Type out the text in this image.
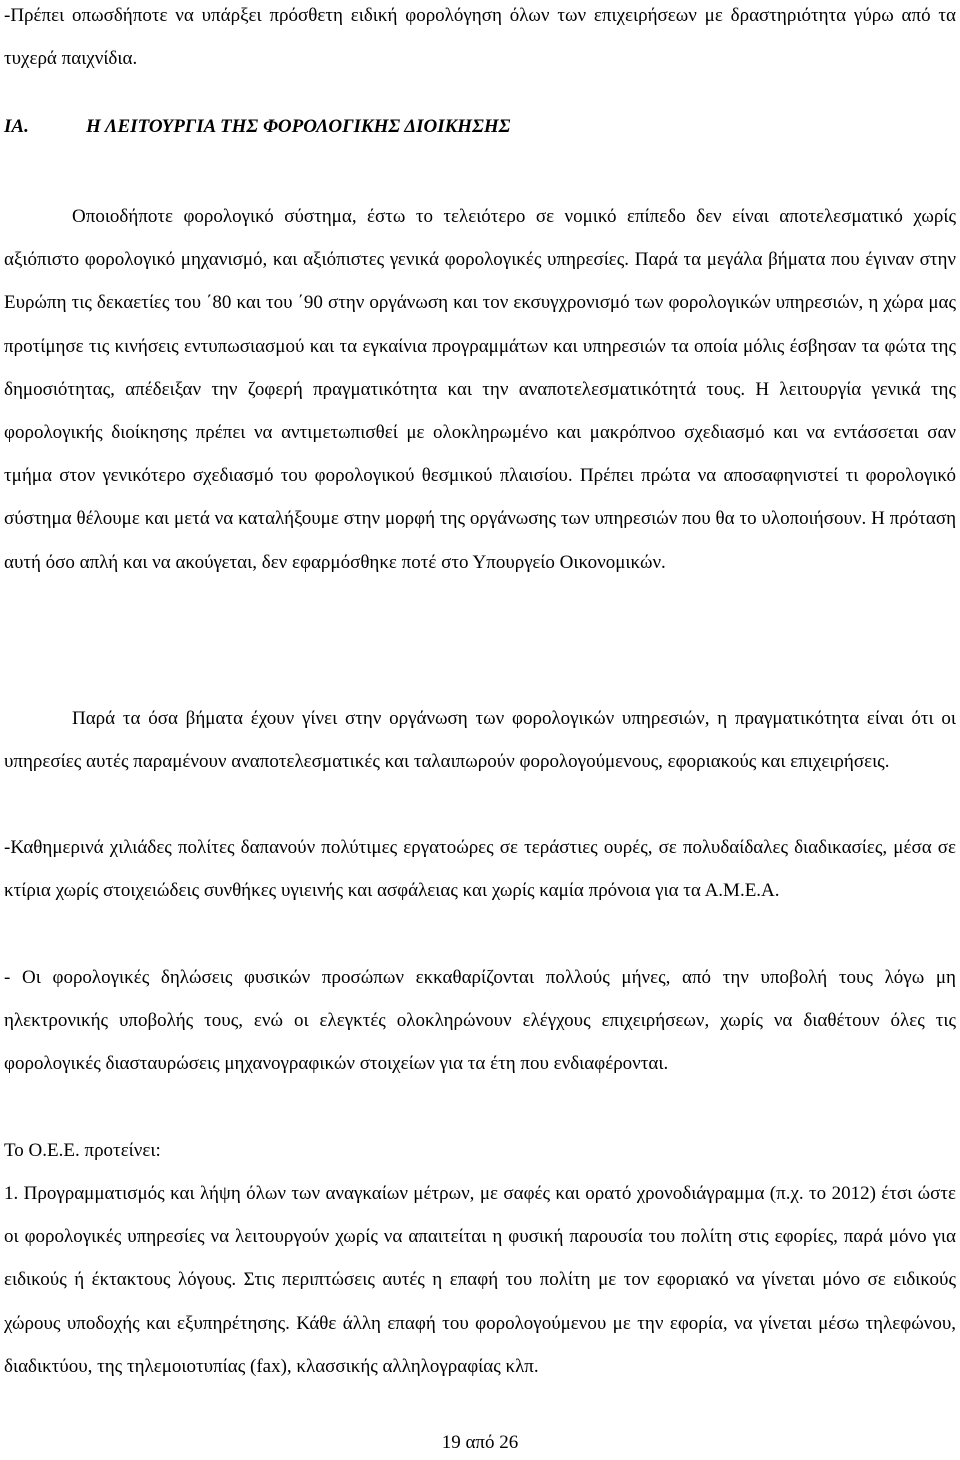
-Πρέπει οπωσδήποτε να υπάρξει πρόσθετη ειδική φορολόγηση όλων των επιχειρήσεων με δραστηριότητα γύρω από τα τυχερά παιχνίδια.

ΙΑ.	Η ΛΕΙΤΟΥΡΓΙΑ ΤΗΣ ΦΟΡΟΛΟΓΙΚΗΣ ΔΙΟΙΚΗΣΗΣ

Οποιοδήποτε φορολογικό σύστημα, έστω το τελειότερο σε νομικό επίπεδο δεν είναι αποτελεσματικό χωρίς αξιόπιστο φορολογικό μηχανισμό, και αξιόπιστες γενικά φορολογικές υπηρεσίες. Παρά τα μεγάλα βήματα που έγιναν στην Ευρώπη τις δεκαετίες του ΄80 και του ΄90 στην οργάνωση και τον εκσυγχρονισμό των φορολογικών υπηρεσιών, η χώρα μας προτίμησε τις κινήσεις εντυπωσιασμού και τα εγκαίνια προγραμμάτων και υπηρεσιών τα οποία μόλις έσβησαν τα φώτα της δημοσιότητας, απέδειξαν την ζοφερή πραγματικότητα και την αναποτελεσματικότητά τους. Η λειτουργία γενικά της φορολογικής διοίκησης πρέπει να αντιμετωπισθεί με ολοκληρωμένο και μακρόπνοο σχεδιασμό και να εντάσσεται σαν τμήμα στον γενικότερο σχεδιασμό του φορολογικού θεσμικού πλαισίου. Πρέπει πρώτα να αποσαφηνιστεί τι φορολογικό σύστημα θέλουμε και μετά να καταλήξουμε στην μορφή της οργάνωσης των υπηρεσιών που θα το υλοποιήσουν. Η πρόταση αυτή όσο απλή και να ακούγεται, δεν εφαρμόσθηκε ποτέ στο Υπουργείο Οικονομικών.

Παρά τα όσα βήματα έχουν γίνει στην οργάνωση των φορολογικών υπηρεσιών, η πραγματικότητα είναι ότι οι υπηρεσίες αυτές παραμένουν αναποτελεσματικές και ταλαιπωρούν φορολογούμενους, εφοριακούς και επιχειρήσεις.

-Καθημερινά χιλιάδες πολίτες δαπανούν πολύτιμες εργατοώρες σε τεράστιες ουρές, σε πολυδαίδαλες διαδικασίες, μέσα σε κτίρια χωρίς στοιχειώδεις συνθήκες υγιεινής και ασφάλειας και χωρίς καμία πρόνοια για τα Α.Μ.Ε.Α.

- Οι φορολογικές δηλώσεις φυσικών προσώπων εκκαθαρίζονται πολλούς μήνες, από την υποβολή τους λόγω μη ηλεκτρονικής υποβολής τους, ενώ οι ελεγκτές ολοκληρώνουν ελέγχους επιχειρήσεων, χωρίς να διαθέτουν όλες τις φορολογικές διασταυρώσεις μηχανογραφικών στοιχείων για τα έτη που ενδιαφέρονται.

Το Ο.Ε.Ε. προτείνει:

1. Προγραμματισμός και λήψη όλων των αναγκαίων μέτρων, με σαφές και ορατό χρονοδιάγραμμα (π.χ. το 2012) έτσι ώστε οι φορολογικές υπηρεσίες να λειτουργούν χωρίς να απαιτείται η φυσική παρουσία του πολίτη στις εφορίες, παρά μόνο για ειδικούς ή έκτακτους λόγους. Στις περιπτώσεις αυτές η επαφή του πολίτη με τον εφοριακό να γίνεται μόνο σε ειδικούς χώρους υποδοχής και εξυπηρέτησης. Κάθε άλλη επαφή του φορολογούμενου με την εφορία, να γίνεται μέσω τηλεφώνου, διαδικτύου, της τηλεμοιοτυπίας (fax), κλασσικής αλληλογραφίας κλπ.

19 από 26
